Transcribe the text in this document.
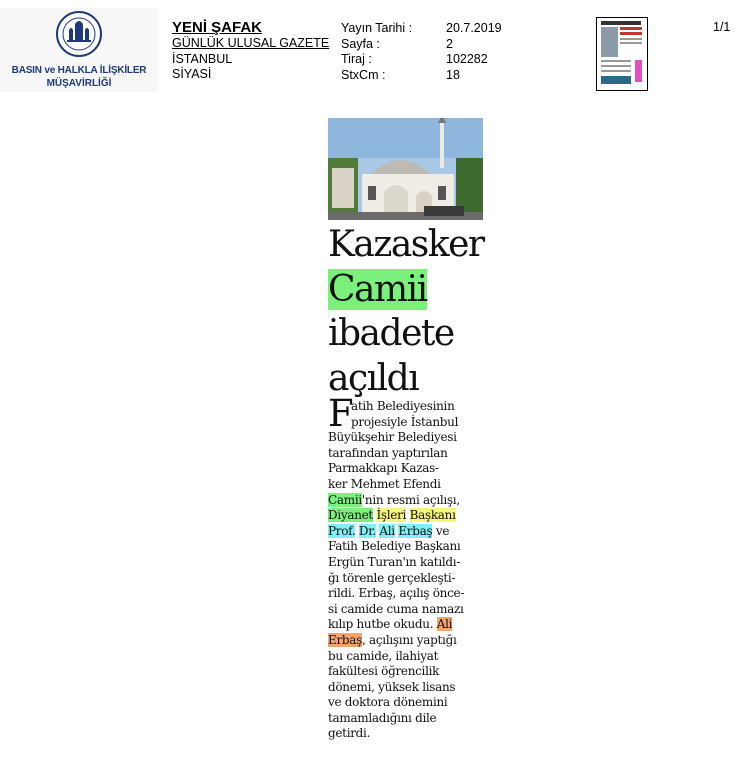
BASIN ve HALKLA İLİŞKİLER
MÜŞAVİRLİĞİ
YENİ ŞAFAK
GÜNLÜK ULUSAL GAZETE
İSTANBUL
SİYASİ
Yayın Tarihi :	20.7.2019
Sayfa :	2
Tiraj :	102282
StxCm :	18
1/1
Kazasker
Camii
ibadete
açıldı
F
atih Belediyesinin
projesiyle İstanbul
Büyükşehir Belediyesi
tarafından yaptırılan
Parmakkapı Kazas-
ker Mehmet Efendi
Camii'nin resmi açılışı,
Diyanet İşleri Başkanı
Prof. Dr. Ali Erbaş ve
Fatih Belediye Başkanı
Ergün Turan'ın katıldı-
ğı törenle gerçekleşti-
rildi. Erbaş, açılış önce-
si camide cuma namazı
kılıp hutbe okudu. Ali
Erbaş, açılışını yaptığı
bu camide, ilahiyat
fakültesi öğrencilik
dönemi, yüksek lisans
ve doktora dönemini
tamamladığını dile
getirdi.
